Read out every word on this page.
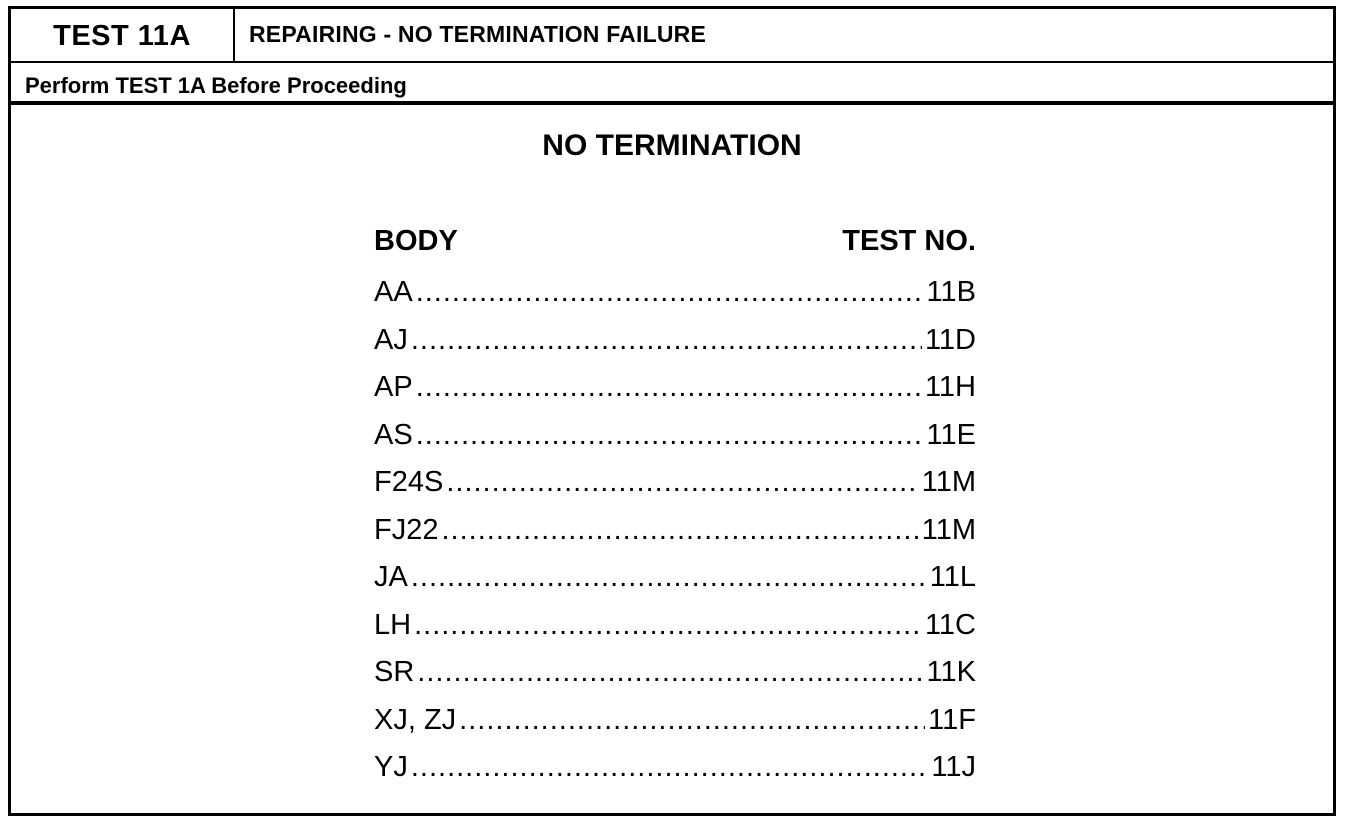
TEST 11A	REPAIRING - NO TERMINATION FAILURE
Perform TEST 1A Before Proceeding
NO TERMINATION
BODY	TEST NO.
AA .....	11B
AJ .....	11D
AP .....	11H
AS .....	11E
F24S .....	11M
FJ22 .....	11M
JA .....	11L
LH .....	11C
SR .....	11K
XJ, ZJ .....	11F
YJ .....	11J
